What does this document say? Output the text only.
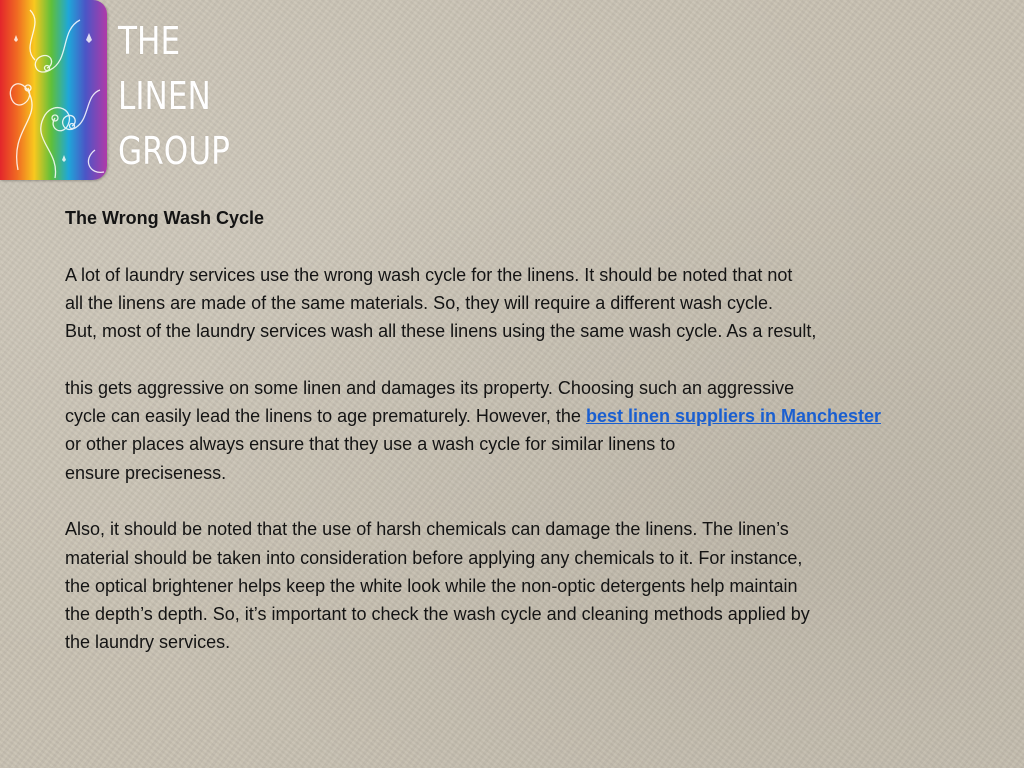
THE
LINEN
GROUP
The Wrong Wash Cycle
A lot of laundry services use the wrong wash cycle for the linens. It should be noted that not
all the linens are made of the same materials. So, they will require a different wash cycle.
But, most of the laundry services wash all these linens using the same wash cycle. As a result,
this gets aggressive on some linen and damages its property. Choosing such an aggressive
cycle can easily lead the linens to age prematurely. However, the best linen suppliers in Manchester
or other places always ensure that they use a wash cycle for similar linens to
ensure preciseness.
Also, it should be noted that the use of harsh chemicals can damage the linens. The linen’s
material should be taken into consideration before applying any chemicals to it. For instance,
the optical brightener helps keep the white look while the non-optic detergents help maintain
the depth’s depth. So, it’s important to check the wash cycle and cleaning methods applied by
the laundry services.
